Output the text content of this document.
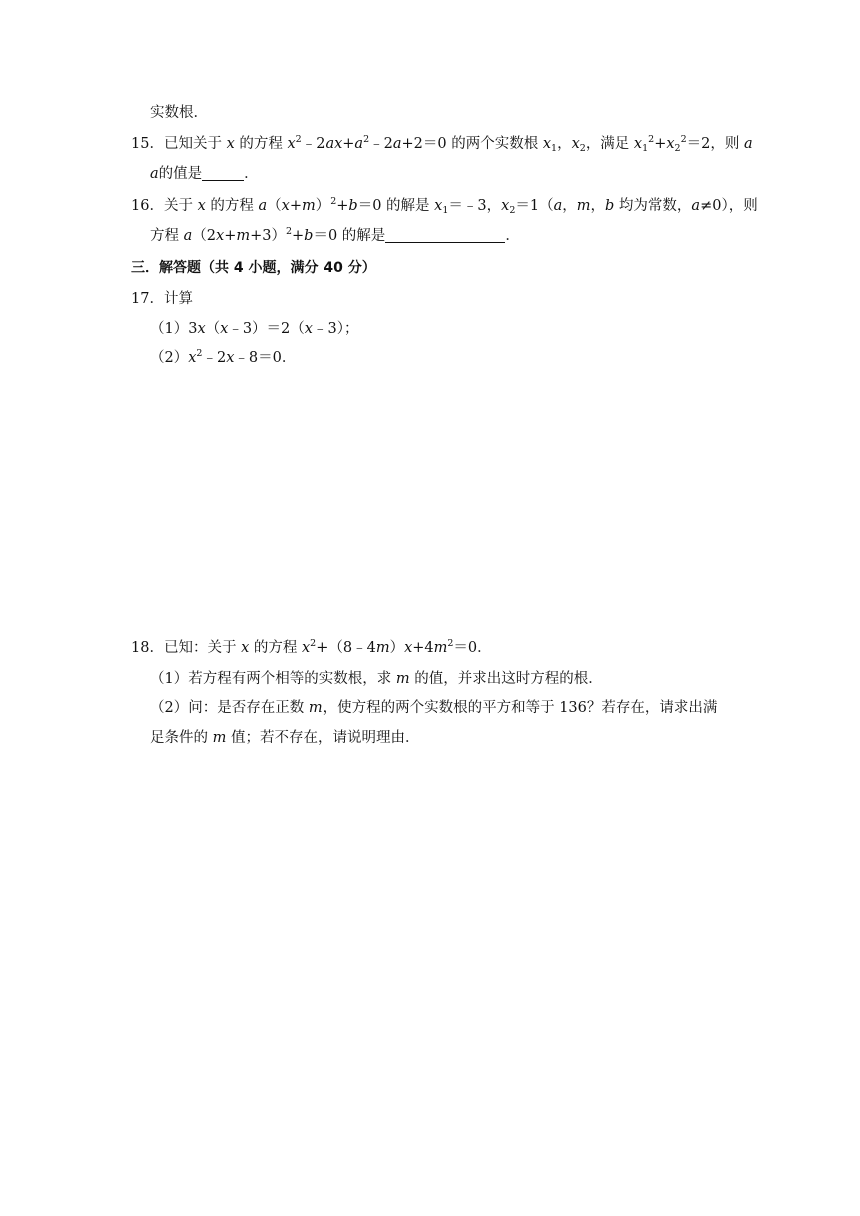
实数根．
15．已知关于 x 的方程 $x^2﹣2ax+a^2﹣2a+2=0$ 的两个实数根 $x_1$，$x_2$，满足 $x_1^2+x_2^2=2$，则 a
a的值是	．
16．关于 x 的方程 $a(x+m)^2+b=0$ 的解是 $x_1=﹣3$，$x_2=1(a$，m，b 均为常数，a≠0），则
方程 $a(2x+m+3)^2+b=0$ 的解是	．
三．解答题（共 4 小题，满分 40 分）
17．计算
（1）3x（x﹣3）＝2（x﹣3）；
$(2)x^2﹣2x﹣8=0$．
18．已知：关于 x 的方程 $x^2+(8﹣4m)x+4m^2=0$．
（1）若方程有两个相等的实数根，求 m 的值，并求出这时方程的根．
（2）问：是否存在正数 m，使方程的两个实数根的平方和等于 136？若存在，请求出满
足条件的 m 值；若不存在，请说明理由．
